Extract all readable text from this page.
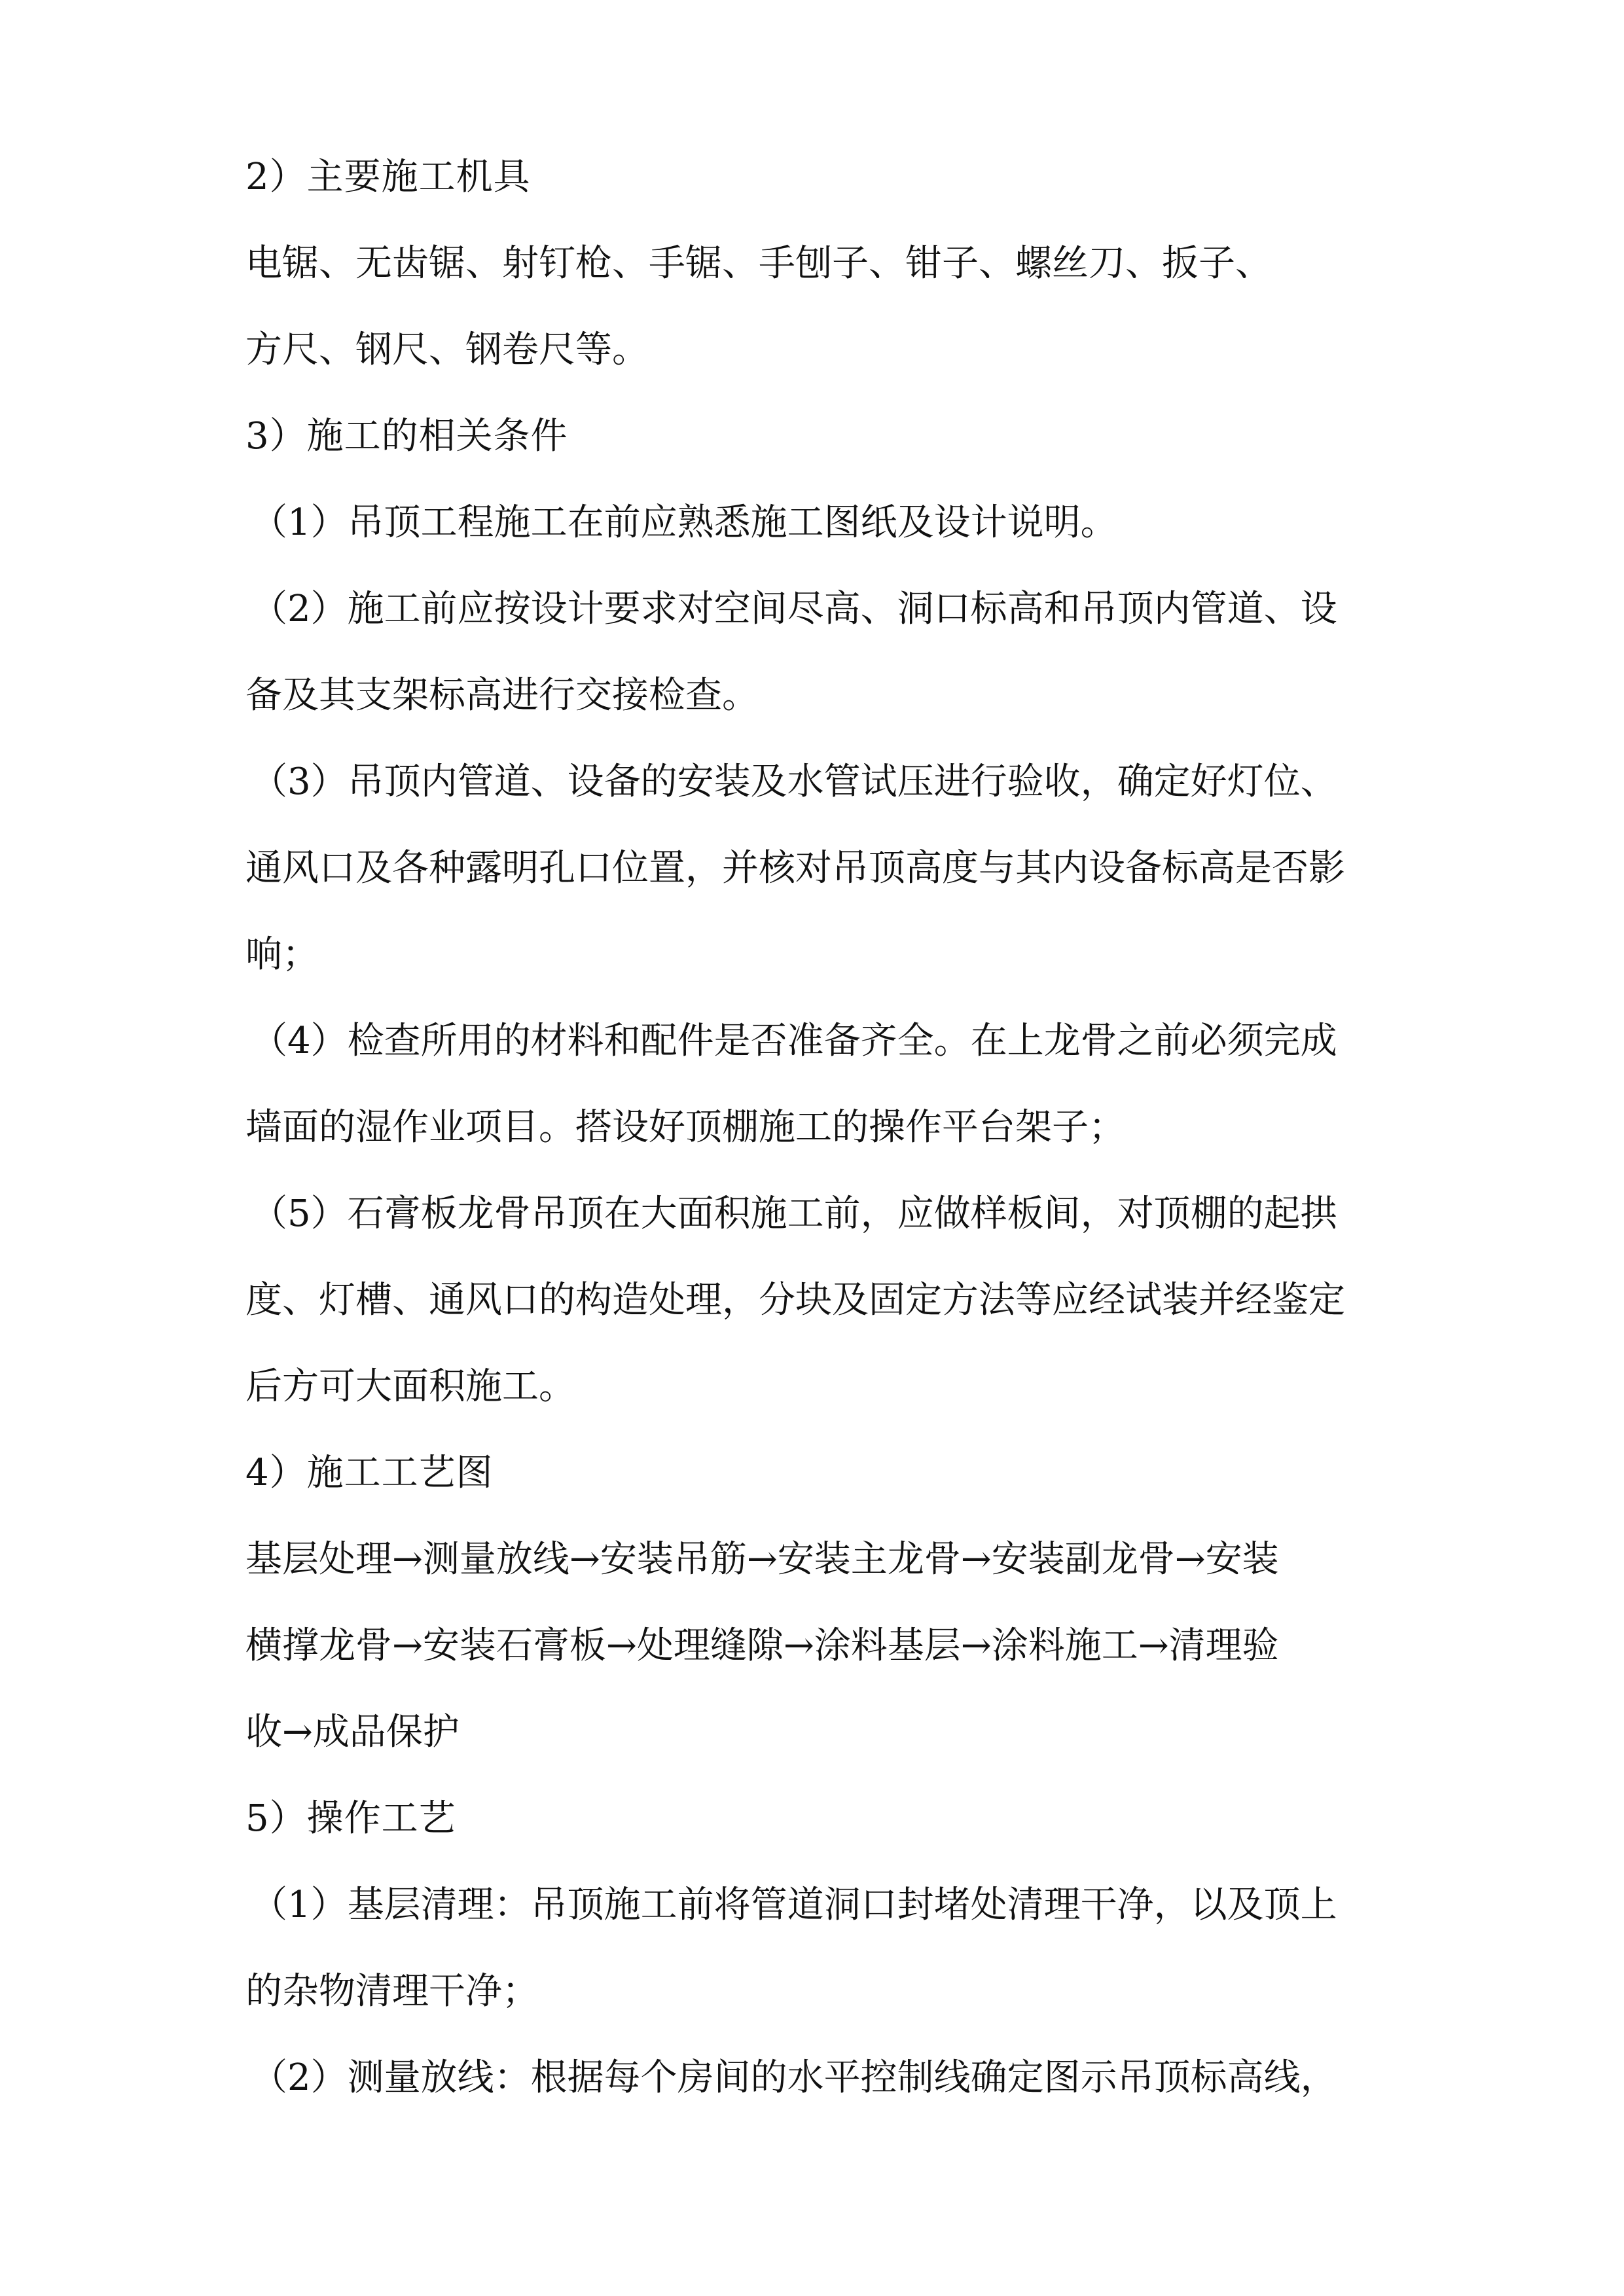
2）主要施工机具
电锯、无齿锯、射钉枪、手锯、手刨子、钳子、螺丝刀、扳子、
方尺、钢尺、钢卷尺等。
3）施工的相关条件
（1）吊顶工程施工在前应熟悉施工图纸及设计说明。
（2）施工前应按设计要求对空间尽高、洞口标高和吊顶内管道、设
备及其支架标高进行交接检查。
（3）吊顶内管道、设备的安装及水管试压进行验收，确定好灯位、
通风口及各种露明孔口位置，并核对吊顶高度与其内设备标高是否影
响；
（4）检查所用的材料和配件是否准备齐全。在上龙骨之前必须完成
墙面的湿作业项目。搭设好顶棚施工的操作平台架子；
（5）石膏板龙骨吊顶在大面积施工前，应做样板间，对顶棚的起拱
度、灯槽、通风口的构造处理，分块及固定方法等应经试装并经鉴定
后方可大面积施工。
4）施工工艺图
基层处理→测量放线→安装吊筋→安装主龙骨→安装副龙骨→安装
横撑龙骨→安装石膏板→处理缝隙→涂料基层→涂料施工→清理验
收→成品保护
5）操作工艺
（1）基层清理：吊顶施工前将管道洞口封堵处清理干净，以及顶上
的杂物清理干净；
（2）测量放线：根据每个房间的水平控制线确定图示吊顶标高线，
